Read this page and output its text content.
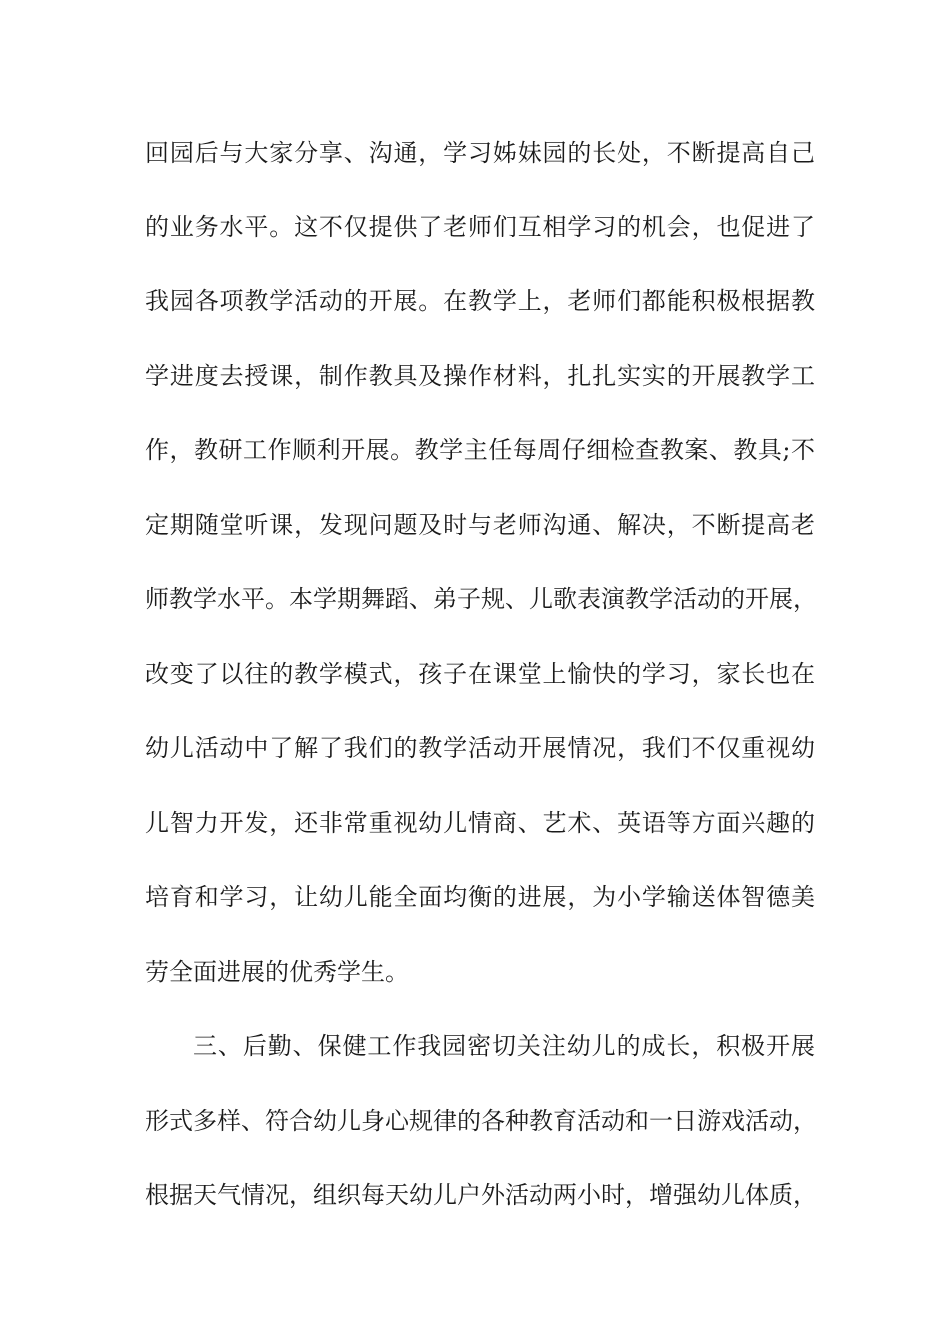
回园后与大家分享、沟通，学习姊妹园的长处，不断提高自己
的业务水平。这不仅提供了老师们互相学习的机会，也促进了
我园各项教学活动的开展。在教学上，老师们都能积极根据教
学进度去授课，制作教具及操作材料，扎扎实实的开展教学工
作，教研工作顺利开展。教学主任每周仔细检查教案、教具;不
定期随堂听课，发现问题及时与老师沟通、解决，不断提高老
师教学水平。本学期舞蹈、弟子规、儿歌表演教学活动的开展，
改变了以往的教学模式，孩子在课堂上愉快的学习，家长也在
幼儿活动中了解了我们的教学活动开展情况，我们不仅重视幼
儿智力开发，还非常重视幼儿情商、艺术、英语等方面兴趣的
培育和学习，让幼儿能全面均衡的进展，为小学输送体智德美
劳全面进展的优秀学生。
三、后勤、保健工作我园密切关注幼儿的成长，积极开展
形式多样、符合幼儿身心规律的各种教育活动和一日游戏活动，
根据天气情况，组织每天幼儿户外活动两小时，增强幼儿体质，
